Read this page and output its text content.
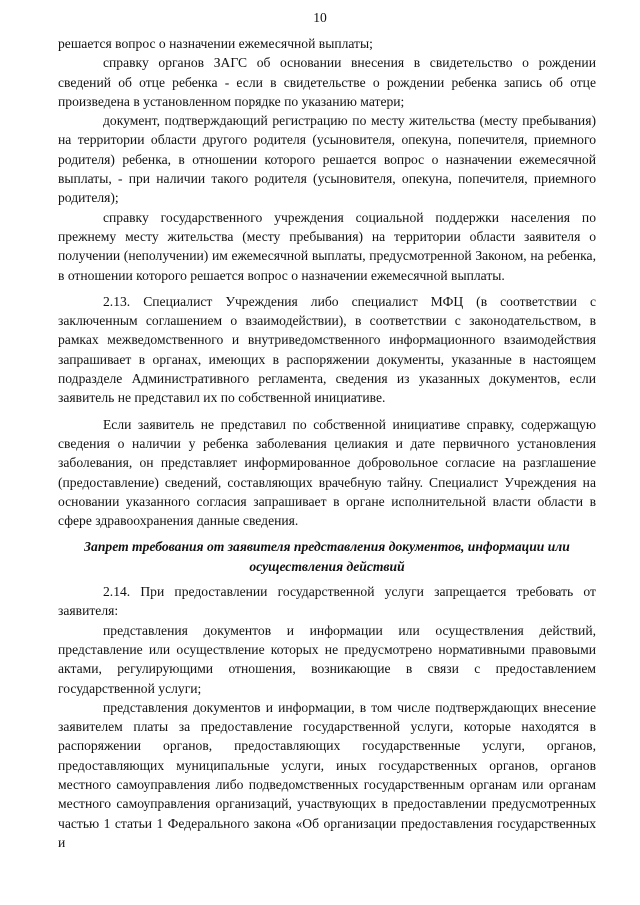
10

решается вопрос о назначении ежемесячной выплаты;

справку органов ЗАГС об основании внесения в свидетельство о рождении сведений об отце ребенка - если в свидетельстве о рождении ребенка запись об отце произведена в установленном порядке по указанию матери;

документ, подтверждающий регистрацию по месту жительства (месту пребывания) на территории области другого родителя (усыновителя, опекуна, попечителя, приемного родителя) ребенка, в отношении которого решается вопрос о назначении ежемесячной выплаты, - при наличии такого родителя (усыновителя, опекуна, попечителя, приемного родителя);

справку государственного учреждения социальной поддержки населения по прежнему месту жительства (месту пребывания) на территории области заявителя о получении (неполучении) им ежемесячной выплаты, предусмотренной Законом, на ребенка, в отношении которого решается вопрос о назначении ежемесячной выплаты.

2.13. Специалист Учреждения либо специалист МФЦ (в соответствии с заключенным соглашением о взаимодействии), в соответствии с законодательством, в рамках межведомственного и внутриведомственного информационного взаимодействия запрашивает в органах, имеющих в распоряжении документы, указанные в настоящем подразделе Административного регламента, сведения из указанных документов, если заявитель не представил их по собственной инициативе.

Если заявитель не представил по собственной инициативе справку, содержащую сведения о наличии у ребенка заболевания целиакия и дате первичного установления заболевания, он представляет информированное добровольное согласие на разглашение (предоставление) сведений, составляющих врачебную тайну. Специалист Учреждения на основании указанного согласия запрашивает в органе исполнительной власти области в сфере здравоохранения данные сведения.

Запрет требования от заявителя представления документов, информации или осуществления действий

2.14. При предоставлении государственной услуги запрещается требовать от заявителя:

представления документов и информации или осуществления действий, представление или осуществление которых не предусмотрено нормативными правовыми актами, регулирующими отношения, возникающие в связи с предоставлением государственной услуги;

представления документов и информации, в том числе подтверждающих внесение заявителем платы за предоставление государственной услуги, которые находятся в распоряжении органов, предоставляющих государственные услуги, органов, предоставляющих муниципальные услуги, иных государственных органов, органов местного самоуправления либо подведомственных государственным органам или органам местного самоуправления организаций, участвующих в предоставлении предусмотренных частью 1 статьи 1 Федерального закона «Об организации предоставления государственных и
